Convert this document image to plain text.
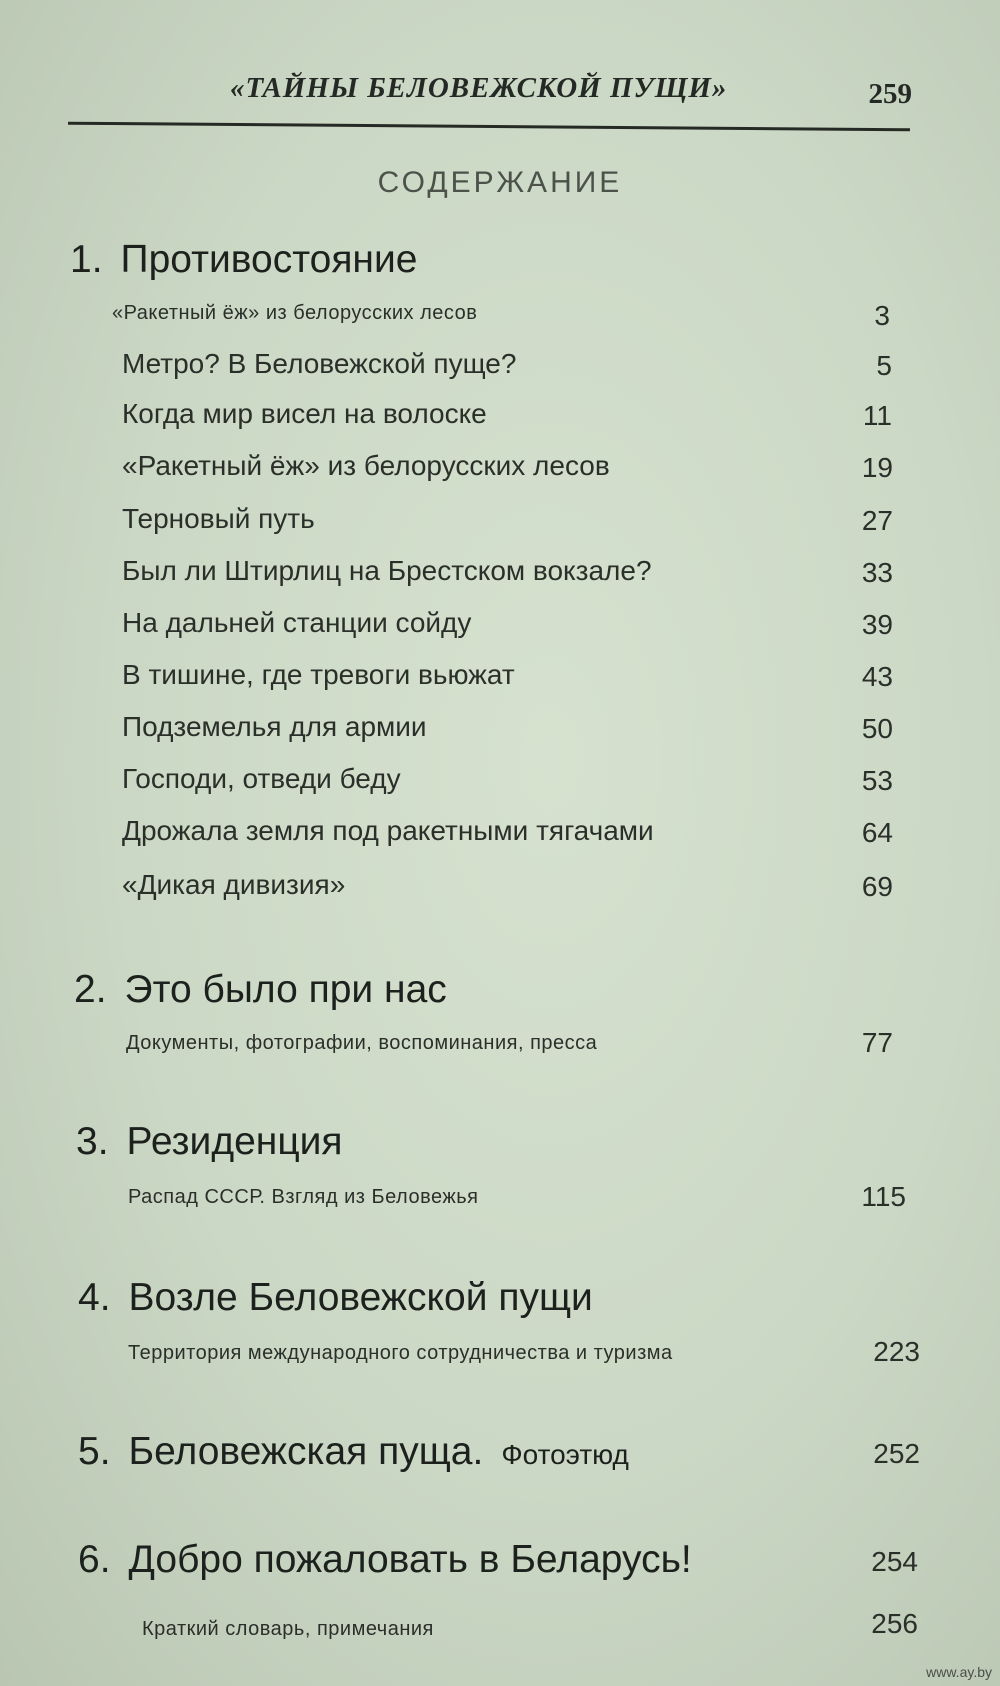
«ТАЙНЫ БЕЛОВЕЖСКОЙ ПУЩИ»	259
СОДЕРЖАНИЕ
1. Противостояние
«Ракетный ёж» из белорусских лесов	3
Метро? В Беловежской пуще?	5
Когда мир висел на волоске	11
«Ракетный ёж» из белорусских лесов	19
Терновый путь	27
Был ли Штирлиц на Брестском вокзале?	33
На дальней станции сойду	39
В тишине, где тревоги вьюжат	43
Подземелья для армии	50
Господи, отведи беду	53
Дрожала земля под ракетными тягачами	64
«Дикая дивизия»	69
2. Это было при нас
Документы, фотографии, воспоминания, пресса	77
3. Резиденция
Распад СССР. Взгляд из Беловежья	115
4. Возле Беловежской пущи
Территория международного сотрудничества и туризма	223
5. Беловежская пуща. Фотоэтюд	252
6. Добро пожаловать в Беларусь!	254
Краткий словарь, примечания	256
www.ay.by
